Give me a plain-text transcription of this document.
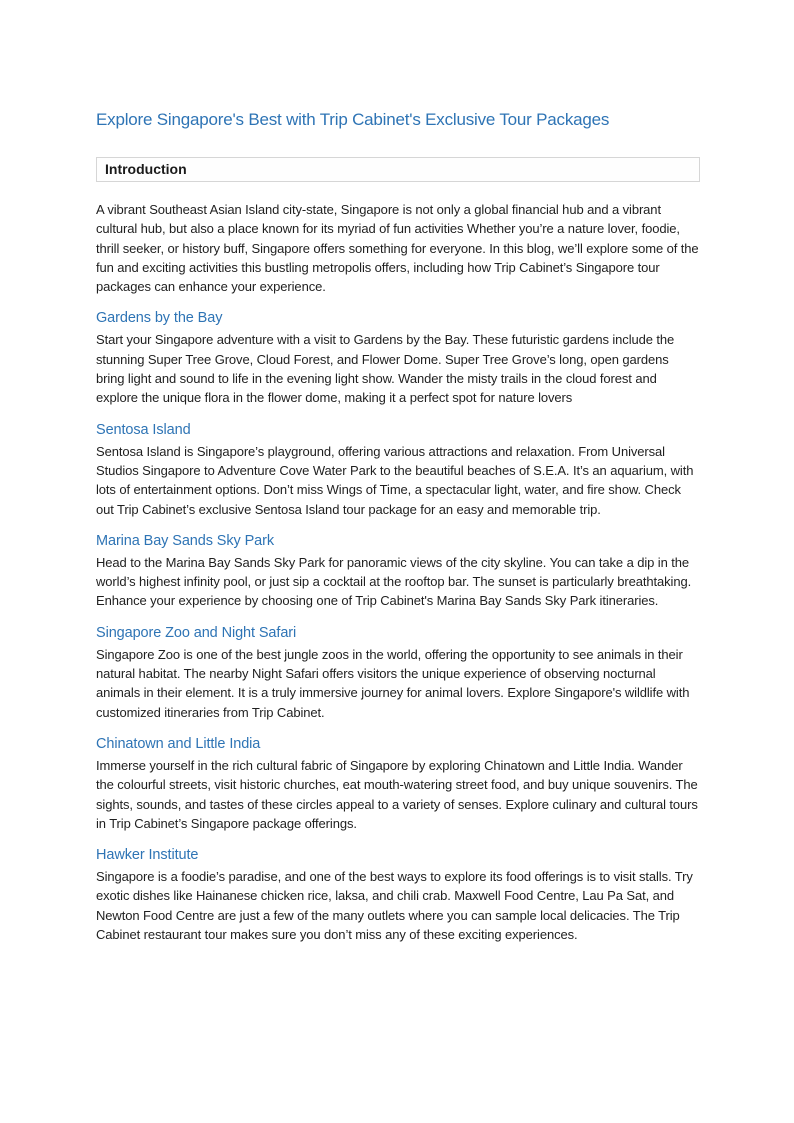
Explore Singapore's Best with Trip Cabinet's Exclusive Tour Packages
Introduction

A vibrant Southeast Asian Island city-state, Singapore is not only a global financial hub and a vibrant cultural hub, but also a place known for its myriad of fun activities Whether you’re a nature lover, foodie, thrill seeker, or history buff, Singapore offers something for everyone. In this blog, we’ll explore some of the fun and exciting activities this bustling metropolis offers, including how Trip Cabinet’s Singapore tour packages can enhance your experience.

Gardens by the Bay

Start your Singapore adventure with a visit to Gardens by the Bay. These futuristic gardens include the stunning Super Tree Grove, Cloud Forest, and Flower Dome. Super Tree Grove’s long, open gardens bring light and sound to life in the evening light show. Wander the misty trails in the cloud forest and explore the unique flora in the flower dome, making it a perfect spot for nature lovers

Sentosa Island

Sentosa Island is Singapore’s playground, offering various attractions and relaxation. From Universal Studios Singapore to Adventure Cove Water Park to the beautiful beaches of S.E.A. It’s an aquarium, with lots of entertainment options. Don’t miss Wings of Time, a spectacular light, water, and fire show. Check out Trip Cabinet’s exclusive Sentosa Island tour package for an easy and memorable trip.

Marina Bay Sands Sky Park

Head to the Marina Bay Sands Sky Park for panoramic views of the city skyline. You can take a dip in the world’s highest infinity pool, or just sip a cocktail at the rooftop bar. The sunset is particularly breathtaking. Enhance your experience by choosing one of Trip Cabinet's Marina Bay Sands Sky Park itineraries.

Singapore Zoo and Night Safari

Singapore Zoo is one of the best jungle zoos in the world, offering the opportunity to see animals in their natural habitat. The nearby Night Safari offers visitors the unique experience of observing nocturnal animals in their element. It is a truly immersive journey for animal lovers. Explore Singapore's wildlife with customized itineraries from Trip Cabinet.

Chinatown and Little India

Immerse yourself in the rich cultural fabric of Singapore by exploring Chinatown and Little India. Wander the colourful streets, visit historic churches, eat mouth-watering street food, and buy unique souvenirs. The sights, sounds, and tastes of these circles appeal to a variety of senses. Explore culinary and cultural tours in Trip Cabinet’s Singapore package offerings.

Hawker Institute

Singapore is a foodie’s paradise, and one of the best ways to explore its food offerings is to visit stalls. Try exotic dishes like Hainanese chicken rice, laksa, and chili crab. Maxwell Food Centre, Lau Pa Sat, and Newton Food Centre are just a few of the many outlets where you can sample local delicacies. The Trip Cabinet restaurant tour makes sure you don’t miss any of these exciting experiences.
